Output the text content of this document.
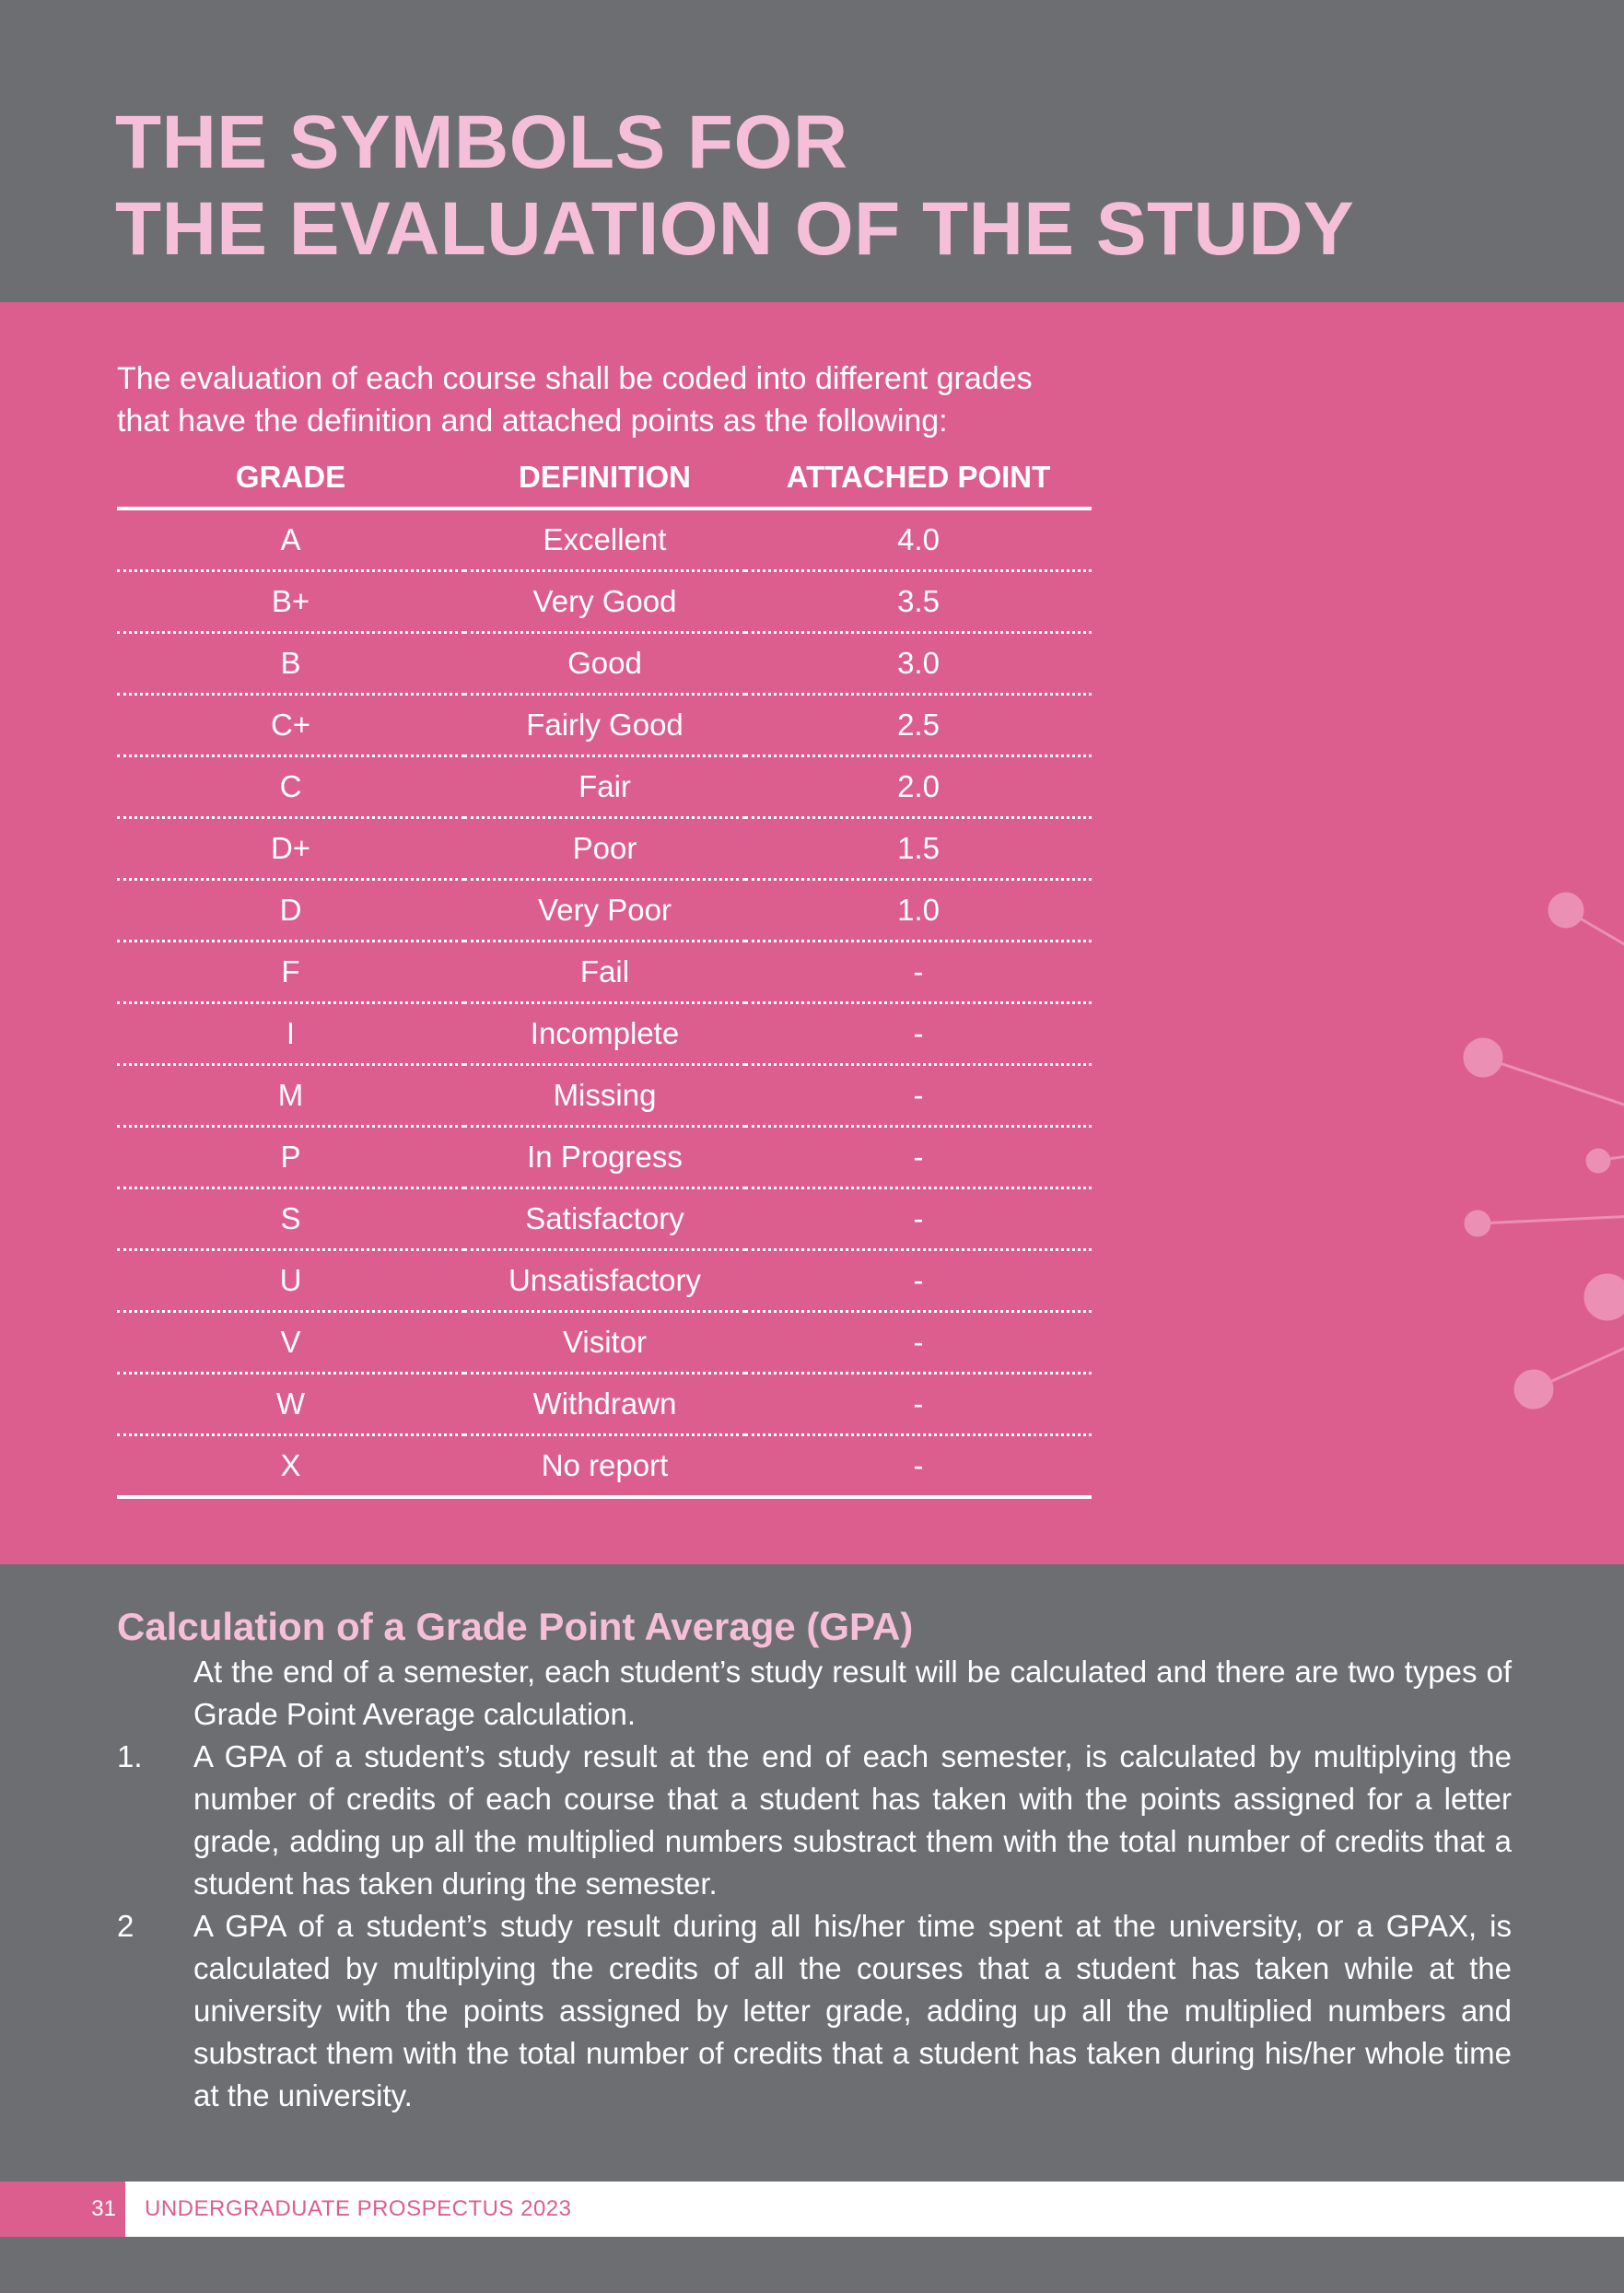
THE SYMBOLS FOR
THE EVALUATION OF THE STUDY

The evaluation of each course shall be coded into different grades
that have the definition and attached points as the following:

GRADE	DEFINITION	ATTACHED POINT
A	Excellent	4.0
B+	Very Good	3.5
B	Good	3.0
C+	Fairly Good	2.5
C	Fair	2.0
D+	Poor	1.5
D	Very Poor	1.0
F	Fail	-
I	Incomplete	-
M	Missing	-
P	In Progress	-
S	Satisfactory	-
U	Unsatisfactory	-
V	Visitor	-
W	Withdrawn	-
X	No report	-
Calculation of a Grade Point Average (GPA)

At the end of a semester, each student’s study result will be calculated and there are two types of Grade Point Average calculation.

1. A GPA of a student’s study result at the end of each semester, is calculated by multiplying the number of credits of each course that a student has taken with the points assigned for a letter grade, adding up all the multiplied numbers substract them with the total number of credits that a student has taken during the semester.
2 A GPA of a student’s study result during all his/her time spent at the university, or a GPAX, is calculated by multiplying the credits of all the courses that a student has taken while at the university with the points assigned by letter grade, adding up all the multiplied numbers and substract them with the total number of credits that a student has taken during his/her whole time at the university.
31	UNDERGRADUATE PROSPECTUS 2023
